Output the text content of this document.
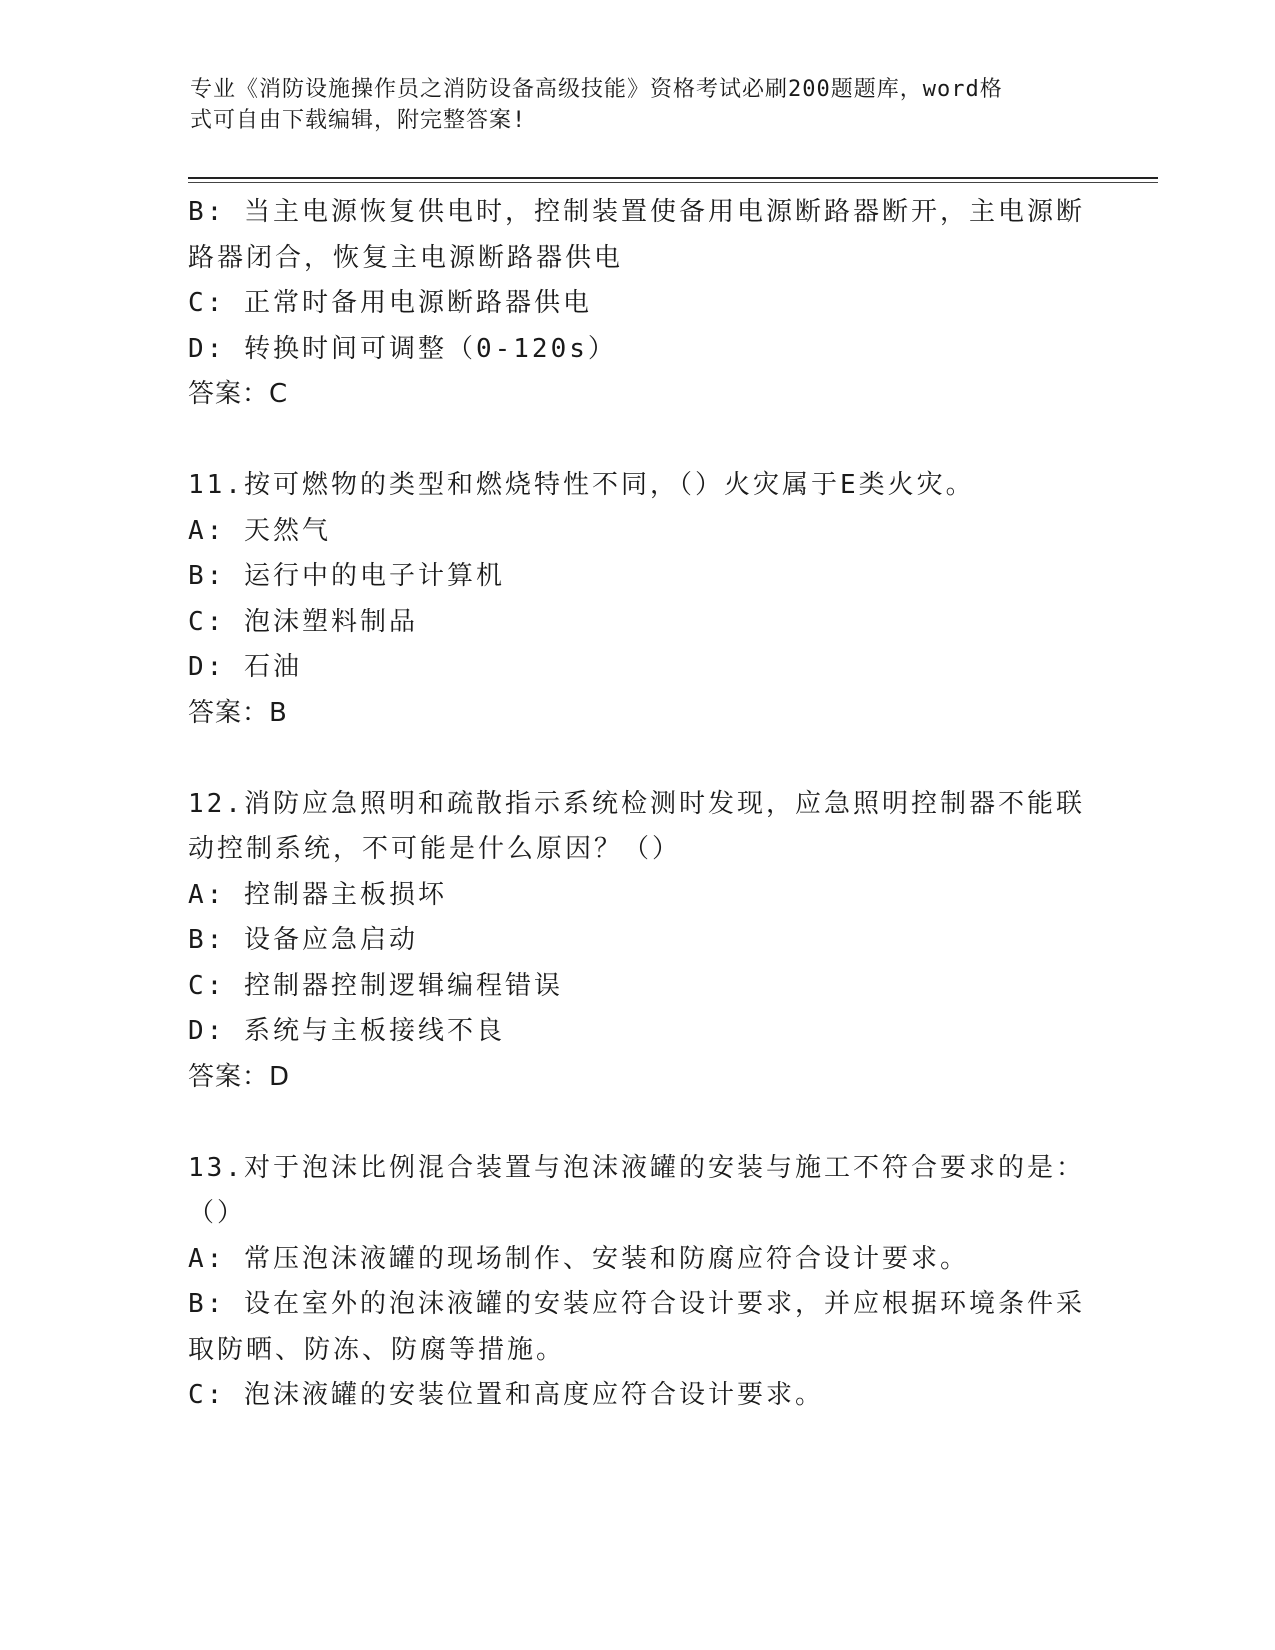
专业《消防设施操作员之消防设备高级技能》资格考试必刷200题题库，word格
式可自由下载编辑，附完整答案!
B: 当主电源恢复供电时，控制装置使备用电源断路器断开，主电源断
路器闭合，恢复主电源断路器供电
C: 正常时备用电源断路器供电
D: 转换时间可调整（0-120s）
答案：C
11.按可燃物的类型和燃烧特性不同，（）火灾属于E类火灾。
A: 天然气
B: 运行中的电子计算机
C: 泡沫塑料制品
D: 石油
答案：B
12.消防应急照明和疏散指示系统检测时发现，应急照明控制器不能联
动控制系统，不可能是什么原因？（）
A: 控制器主板损坏
B: 设备应急启动
C: 控制器控制逻辑编程错误
D: 系统与主板接线不良
答案：D
13.对于泡沫比例混合装置与泡沫液罐的安装与施工不符合要求的是：
（）
A: 常压泡沫液罐的现场制作、安装和防腐应符合设计要求。
B: 设在室外的泡沫液罐的安装应符合设计要求，并应根据环境条件采
取防晒、防冻、防腐等措施。
C: 泡沫液罐的安装位置和高度应符合设计要求。
